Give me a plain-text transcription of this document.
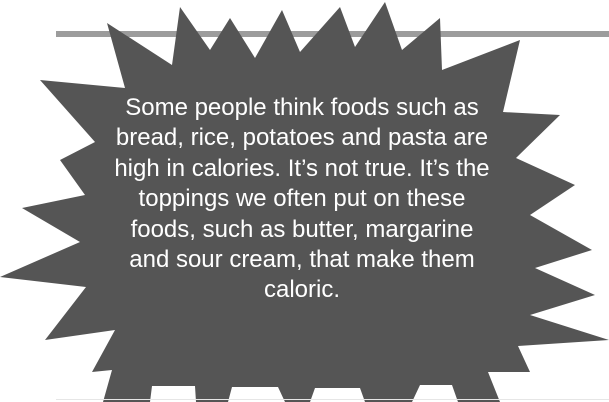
Some people think foods such as bread, rice, potatoes and pasta are high in calories. It’s not true. It’s the toppings we often put on these foods, such as butter, margarine and sour cream, that make them caloric.
